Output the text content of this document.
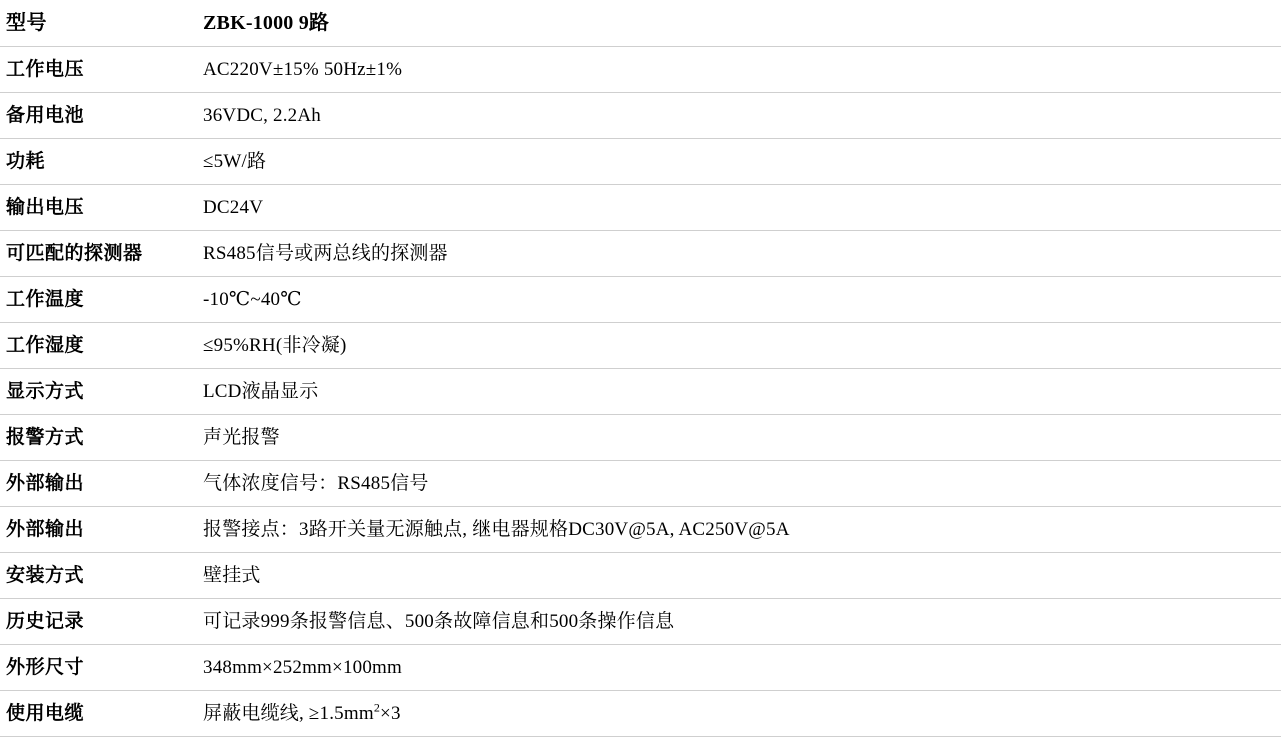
型号	ZBK-1000 9路
工作电压	AC220V±15% 50Hz±1%
备用电池	36VDC, 2.2Ah
功耗	≤5W/路
输出电压	DC24V
可匹配的探测器	RS485信号或两总线的探测器
工作温度	-10℃~40℃
工作湿度	≤95%RH(非冷凝)
显示方式	LCD液晶显示
报警方式	声光报警
外部输出	气体浓度信号：RS485信号
外部输出	报警接点：3路开关量无源触点, 继电器规格DC30V@5A, AC250V@5A
安装方式	壁挂式
历史记录	可记录999条报警信息、500条故障信息和500条操作信息
外形尺寸	348mm×252mm×100mm
使用电缆	屏蔽电缆线, $\ge 1.5mm^2\times 3$
